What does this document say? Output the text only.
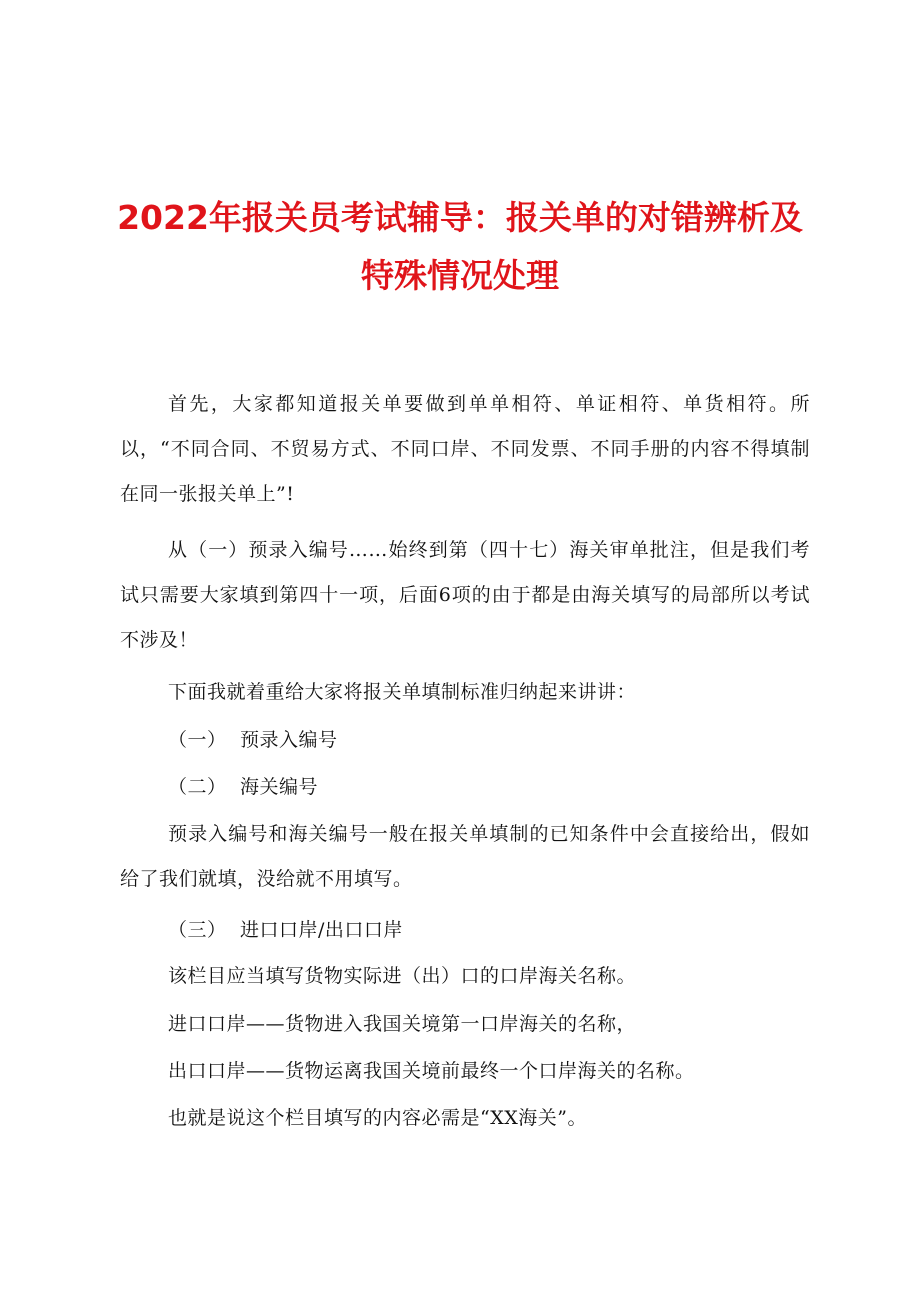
2022年报关员考试辅导：报关单的对错辨析及
特殊情况处理

首先，大家都知道报关单要做到单单相符、单证相符、单货相符。所以，“不同合同、不贸易方式、不同口岸、不同发票、不同手册的内容不得填制在同一张报关单上”!

从（一）预录入编号……始终到第（四十七）海关审单批注，但是我们考试只需要大家填到第四十一项，后面6项的由于都是由海关填写的局部所以考试不涉及！

下面我就着重给大家将报关单填制标准归纳起来讲讲：

（一） 预录入编号
（二） 海关编号

预录入编号和海关编号一般在报关单填制的已知条件中会直接给出，假如给了我们就填，没给就不用填写。

（三） 进口口岸/出口口岸

该栏目应当填写货物实际进（出）口的口岸海关名称。

进口口岸——货物进入我国关境第一口岸海关的名称，

出口口岸——货物运离我国关境前最终一个口岸海关的名称。

也就是说这个栏目填写的内容必需是“XX海关”。
